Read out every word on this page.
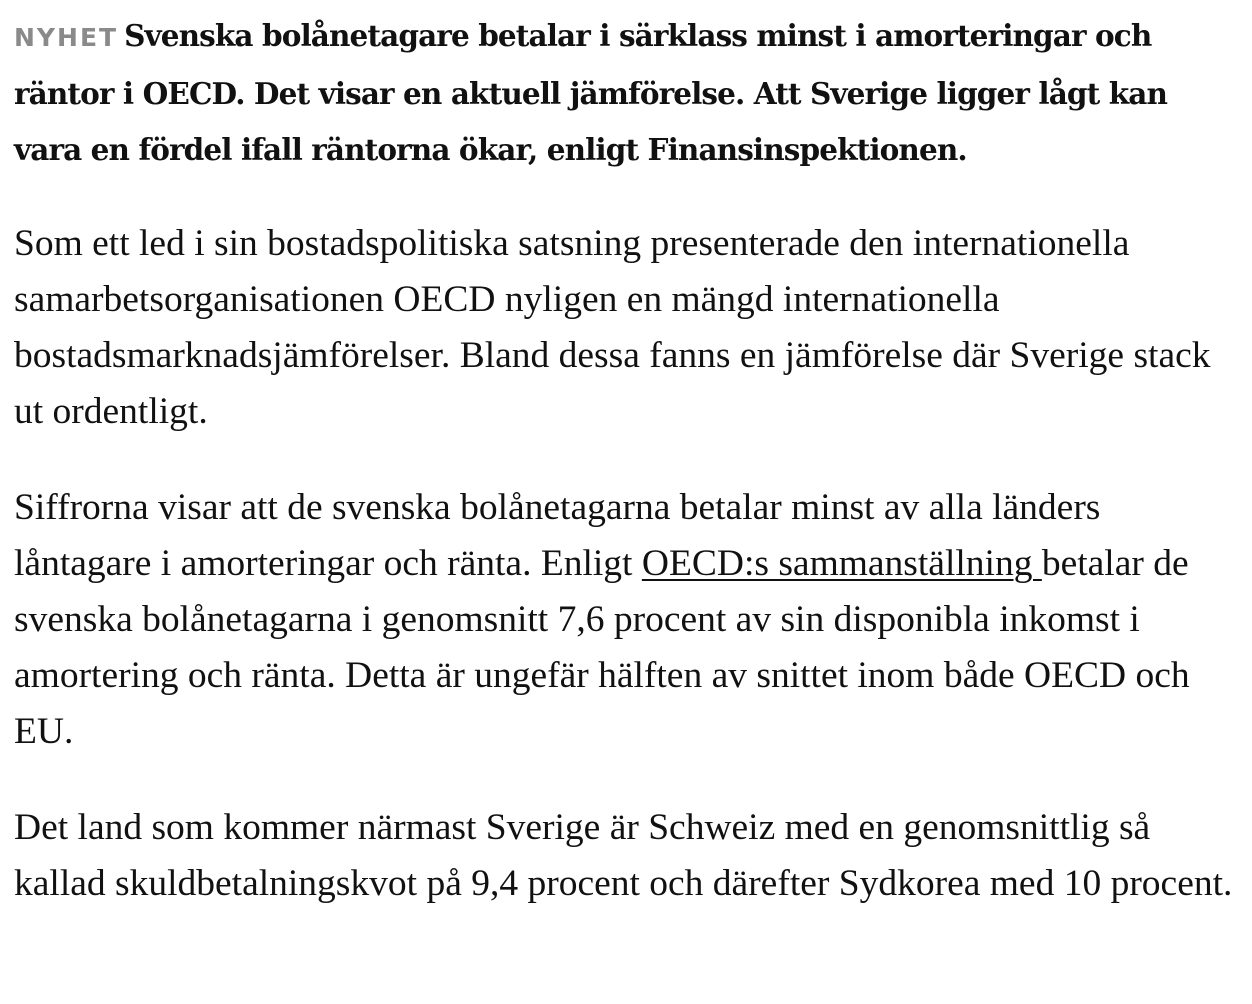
NYHET Svenska bolånetagare betalar i särklass minst i amorteringar och räntor i OECD. Det visar en aktuell jämförelse. Att Sverige ligger lågt kan vara en fördel ifall räntorna ökar, enligt Finansinspektionen.

Som ett led i sin bostadspolitiska satsning presenterade den internationella samarbetsorganisationen OECD nyligen en mängd internationella bostadsmarknadsjämförelser. Bland dessa fanns en jämförelse där Sverige stack ut ordentligt.

Siffrorna visar att de svenska bolånetagarna betalar minst av alla länders låntagare i amorteringar och ränta. Enligt OECD:s sammanställning betalar de svenska bolånetagarna i genomsnitt 7,6 procent av sin disponibla inkomst i amortering och ränta. Detta är ungefär hälften av snittet inom både OECD och EU.

Det land som kommer närmast Sverige är Schweiz med en genomsnittlig så kallad skuldbetalningskvot på 9,4 procent och därefter Sydkorea med 10 procent.
